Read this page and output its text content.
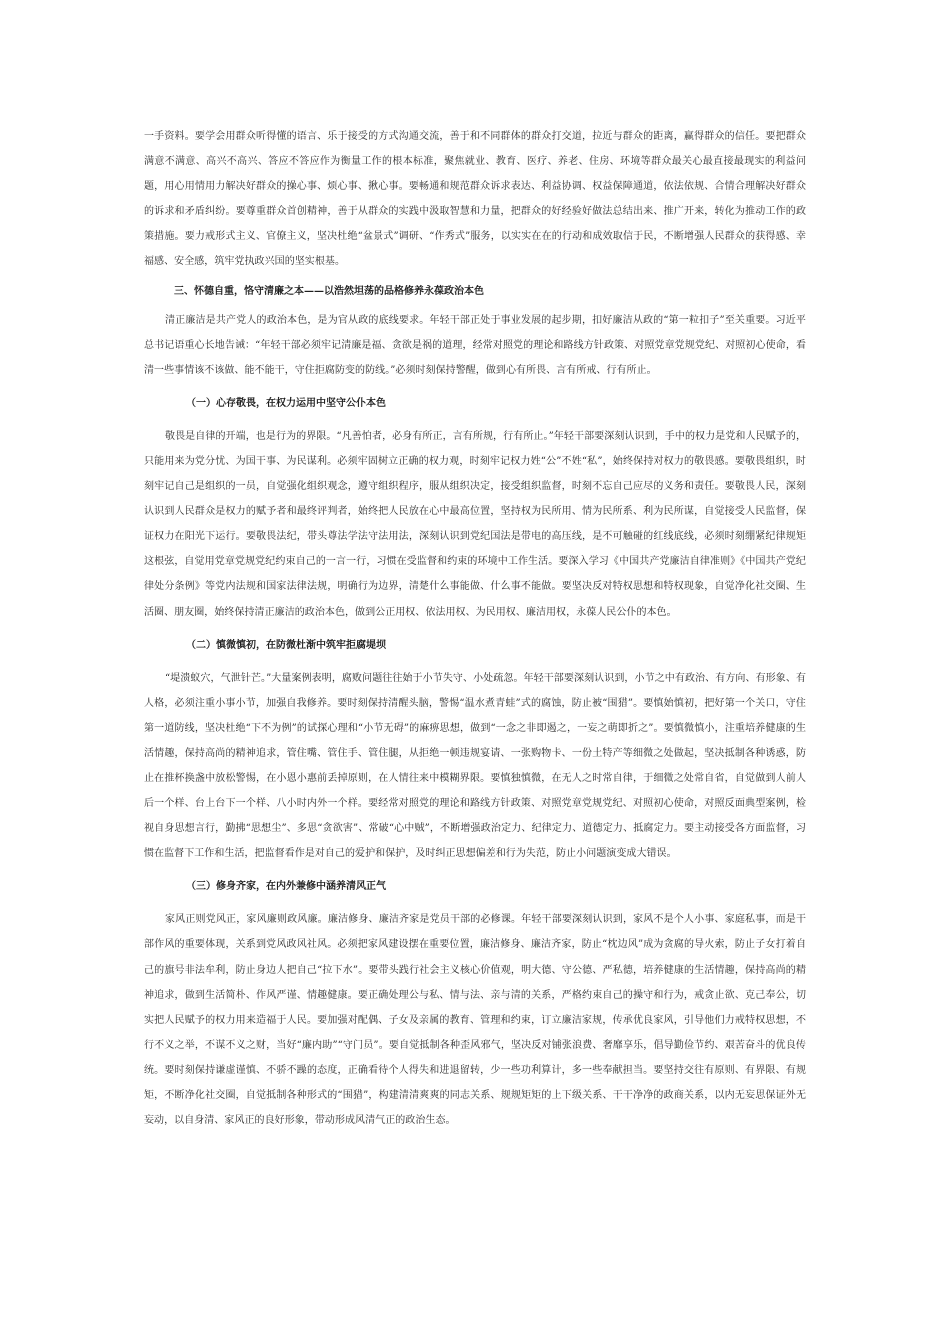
一手资料。要学会用群众听得懂的语言、乐于接受的方式沟通交流，善于和不同群体的群众打交道，拉近与群众的距离，赢得群众的信任。要把群众满意不满意、高兴不高兴、答应不答应作为衡量工作的根本标准，聚焦就业、教育、医疗、养老、住房、环境等群众最关心最直接最现实的利益问题，用心用情用力解决好群众的操心事、烦心事、揪心事。要畅通和规范群众诉求表达、利益协调、权益保障通道，依法依规、合情合理解决好群众的诉求和矛盾纠纷。要尊重群众首创精神，善于从群众的实践中汲取智慧和力量，把群众的好经验好做法总结出来、推广开来，转化为推动工作的政策措施。要力戒形式主义、官僚主义，坚决杜绝“盆景式”调研、“作秀式”服务，以实实在在的行动和成效取信于民，不断增强人民群众的获得感、幸福感、安全感，筑牢党执政兴国的坚实根基。

三、怀德自重，恪守清廉之本——以浩然坦荡的品格修养永葆政治本色

清正廉洁是共产党人的政治本色，是为官从政的底线要求。年轻干部正处于事业发展的起步期，扣好廉洁从政的“第一粒扣子”至关重要。习近平总书记语重心长地告诫：“年轻干部必须牢记清廉是福、贪欲是祸的道理，经常对照党的理论和路线方针政策、对照党章党规党纪、对照初心使命，看清一些事情该不该做、能不能干，守住拒腐防变的防线。”必须时刻保持警醒，做到心有所畏、言有所戒、行有所止。

（一）心存敬畏，在权力运用中坚守公仆本色

敬畏是自律的开端，也是行为的界限。“凡善怕者，必身有所正，言有所规，行有所止。”年轻干部要深刻认识到，手中的权力是党和人民赋予的，只能用来为党分忧、为国干事、为民谋利。必须牢固树立正确的权力观，时刻牢记权力姓“公”不姓“私”，始终保持对权力的敬畏感。要敬畏组织，时刻牢记自己是组织的一员，自觉强化组织观念，遵守组织程序，服从组织决定，接受组织监督，时刻不忘自己应尽的义务和责任。要敬畏人民，深刻认识到人民群众是权力的赋予者和最终评判者，始终把人民放在心中最高位置，坚持权为民所用、情为民所系、利为民所谋，自觉接受人民监督，保证权力在阳光下运行。要敬畏法纪，带头尊法学法守法用法，深刻认识到党纪国法是带电的高压线，是不可触碰的红线底线，必须时刻绷紧纪律规矩这根弦，自觉用党章党规党纪约束自己的一言一行，习惯在受监督和约束的环境中工作生活。要深入学习《中国共产党廉洁自律准则》《中国共产党纪律处分条例》等党内法规和国家法律法规，明确行为边界，清楚什么事能做、什么事不能做。要坚决反对特权思想和特权现象，自觉净化社交圈、生活圈、朋友圈，始终保持清正廉洁的政治本色，做到公正用权、依法用权、为民用权、廉洁用权，永葆人民公仆的本色。

（二）慎微慎初，在防微杜渐中筑牢拒腐堤坝

“堤溃蚁穴，气泄针芒。”大量案例表明，腐败问题往往始于小节失守、小处疏忽。年轻干部要深刻认识到，小节之中有政治、有方向、有形象、有人格，必须注重小事小节，加强自我修养。要时刻保持清醒头脑，警惕“温水煮青蛙”式的腐蚀，防止被“围猎”。要慎始慎初，把好第一个关口，守住第一道防线，坚决杜绝“下不为例”的试探心理和“小节无碍”的麻痹思想，做到“一念之非即遏之，一妄之萌即折之”。要慎微慎小，注重培养健康的生活情趣，保持高尚的精神追求，管住嘴、管住手、管住腿，从拒绝一顿违规宴请、一张购物卡、一份土特产等细微之处做起，坚决抵制各种诱惑，防止在推杯换盏中放松警惕，在小恩小惠前丢掉原则，在人情往来中模糊界限。要慎独慎微，在无人之时常自律，于细微之处常自省，自觉做到人前人后一个样、台上台下一个样、八小时内外一个样。要经常对照党的理论和路线方针政策、对照党章党规党纪、对照初心使命，对照反面典型案例，检视自身思想言行，勤拂“思想尘”、多思“贪欲害”、常破“心中贼”，不断增强政治定力、纪律定力、道德定力、抵腐定力。要主动接受各方面监督，习惯在监督下工作和生活，把监督看作是对自己的爱护和保护，及时纠正思想偏差和行为失范，防止小问题演变成大错误。

（三）修身齐家，在内外兼修中涵养清风正气

家风正则党风正，家风廉则政风廉。廉洁修身、廉洁齐家是党员干部的必修课。年轻干部要深刻认识到，家风不是个人小事、家庭私事，而是干部作风的重要体现，关系到党风政风社风。必须把家风建设摆在重要位置，廉洁修身、廉洁齐家，防止“枕边风”成为贪腐的导火索，防止子女打着自己的旗号非法牟利，防止身边人把自己“拉下水”。要带头践行社会主义核心价值观，明大德、守公德、严私德，培养健康的生活情趣，保持高尚的精神追求，做到生活简朴、作风严谨、情趣健康。要正确处理公与私、情与法、亲与清的关系，严格约束自己的操守和行为，戒贪止欲、克己奉公，切实把人民赋予的权力用来造福于人民。要加强对配偶、子女及亲属的教育、管理和约束，订立廉洁家规，传承优良家风，引导他们力戒特权思想，不行不义之举，不谋不义之财，当好“廉内助”“守门员”。要自觉抵制各种歪风邪气，坚决反对铺张浪费、奢靡享乐，倡导勤俭节约、艰苦奋斗的优良传统。要时刻保持谦虚谨慎、不骄不躁的态度，正确看待个人得失和进退留转，少一些功利算计，多一些奉献担当。要坚持交往有原则、有界限、有规矩，不断净化社交圈，自觉抵制各种形式的“围猎”，构建清清爽爽的同志关系、规规矩矩的上下级关系、干干净净的政商关系，以内无妄思保证外无妄动，以自身清、家风正的良好形象，带动形成风清气正的政治生态。
